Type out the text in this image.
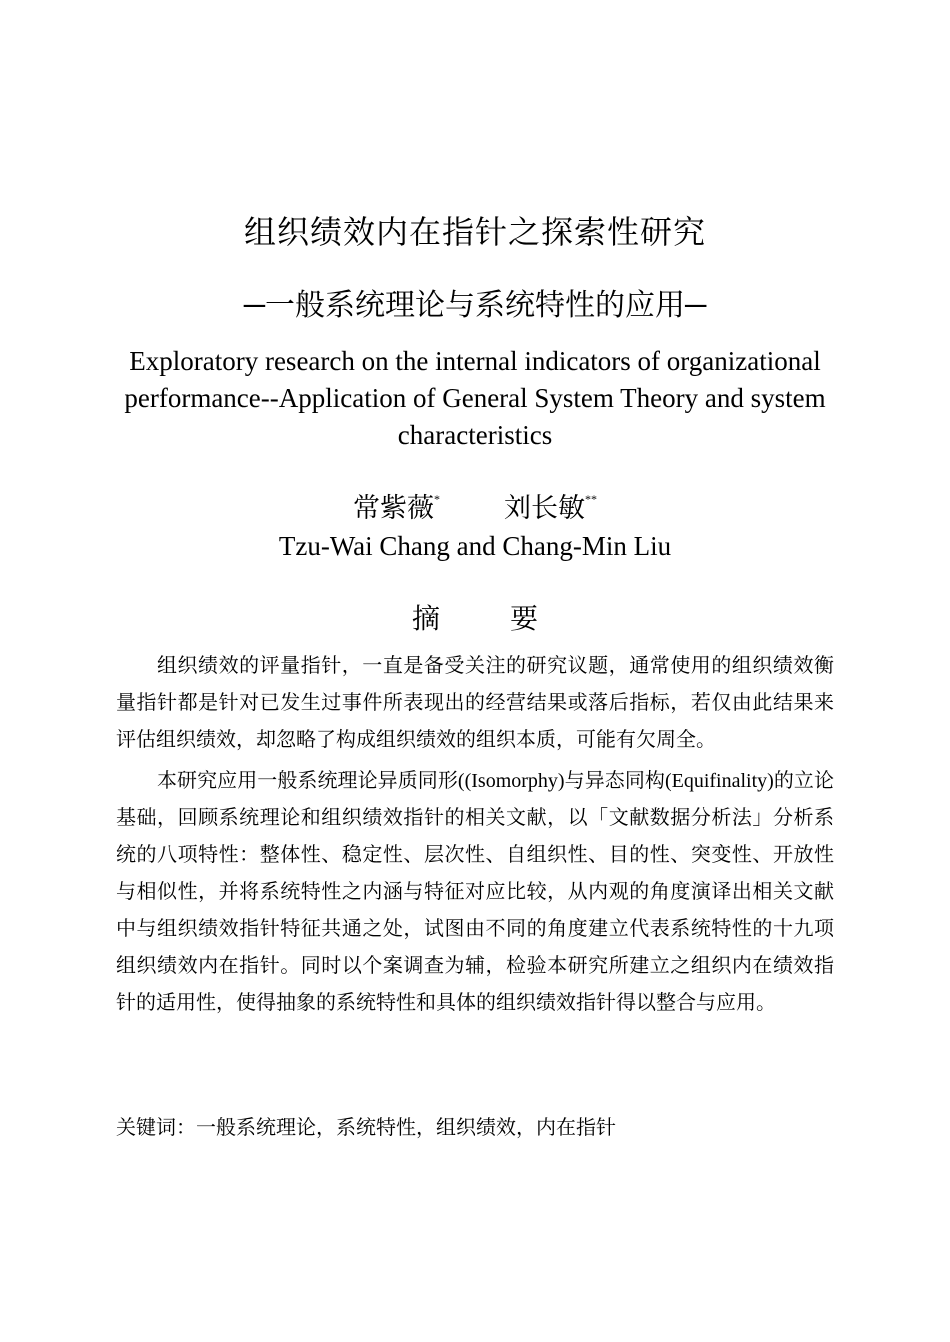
组织绩效内在指针之探索性研究
─一般系统理论与系统特性的应用─
Exploratory research on the internal indicators of organizational performance--Application of General System Theory and system characteristics
常紫薇* 刘长敏**
Tzu-Wai Chang and Chang-Min Liu
摘	要

组织绩效的评量指针，一直是备受关注的研究议题，通常使用的组织绩效衡量指针都是针对已发生过事件所表现出的经营结果或落后指标，若仅由此结果来评估组织绩效，却忽略了构成组织绩效的组织本质，可能有欠周全。

本研究应用一般系统理论异质同形((Isomorphy)与异态同构(Equifinality)的立论基础，回顾系统理论和组织绩效指针的相关文献，以「文献数据分析法」分析系统的八项特性：整体性、稳定性、层次性、自组织性、目的性、突变性、开放性与相似性，并将系统特性之内涵与特征对应比较，从内观的角度演译出相关文献中与组织绩效指针特征共通之处，试图由不同的角度建立代表系统特性的十九项组织绩效内在指针。同时以个案调查为辅，检验本研究所建立之组织内在绩效指针的适用性，使得抽象的系统特性和具体的组织绩效指针得以整合与应用。

关键词：一般系统理论，系统特性，组织绩效，内在指针
